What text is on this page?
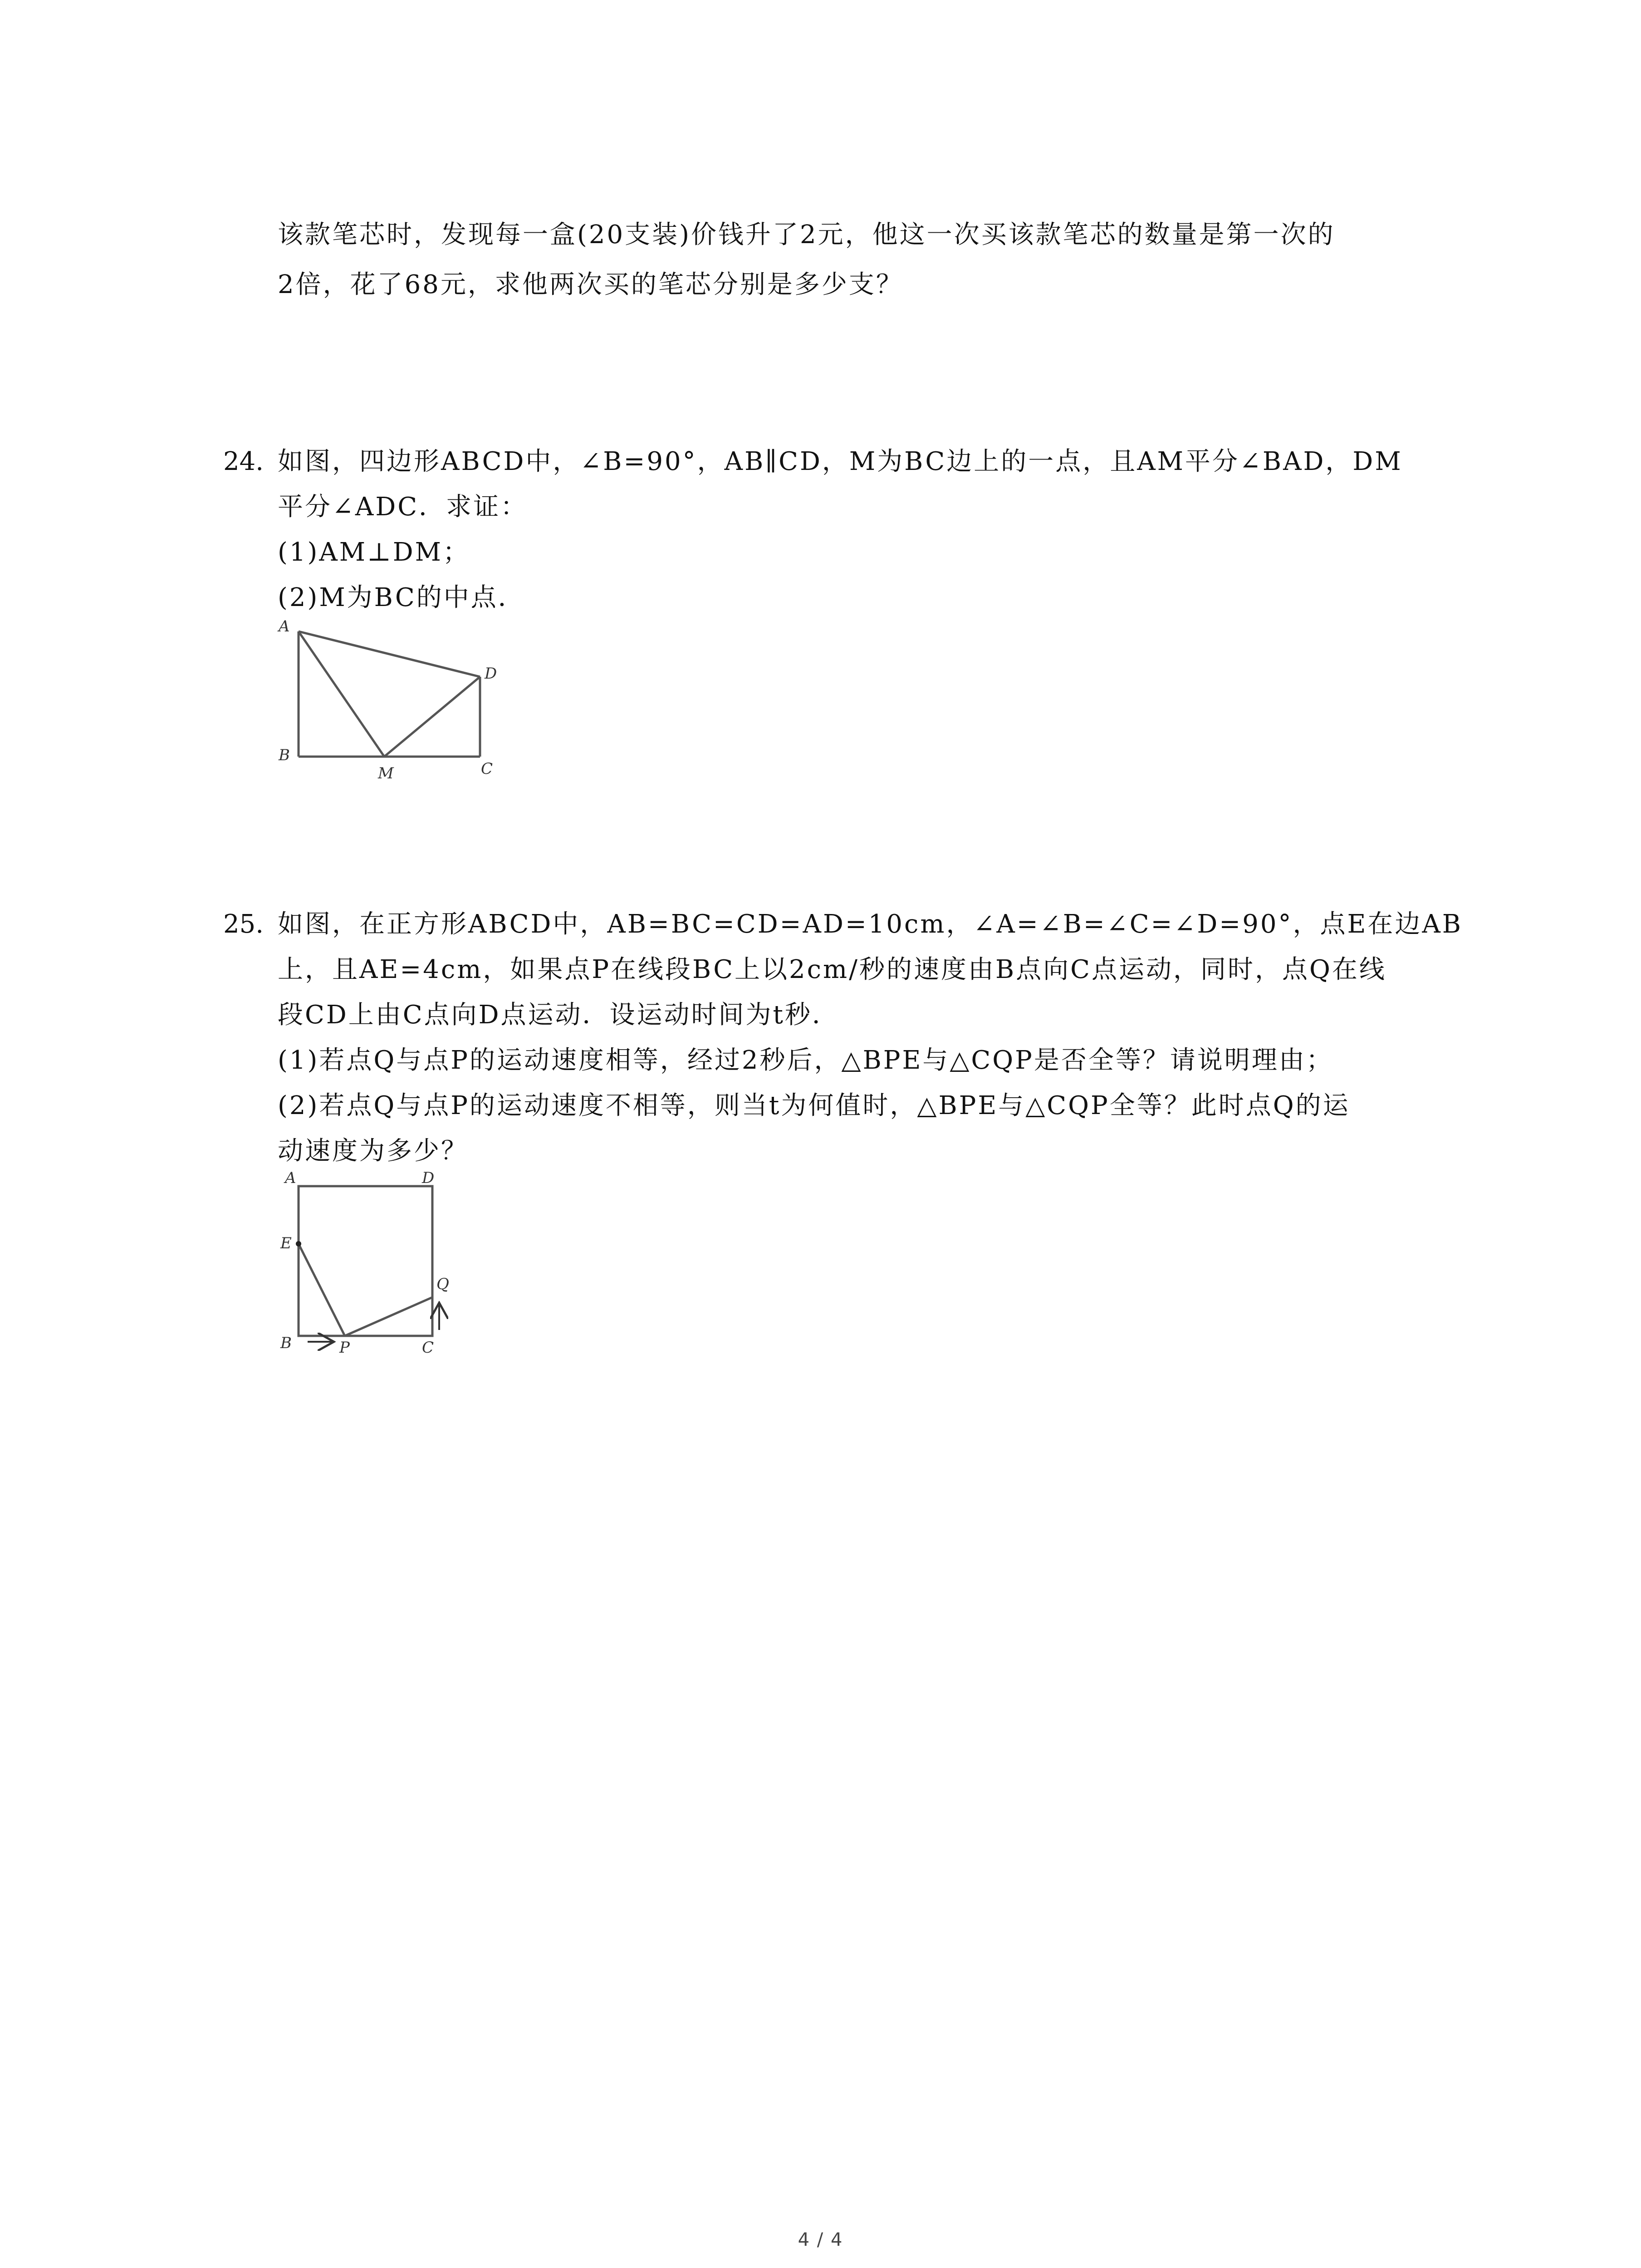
该款笔芯时，发现每一盒(20支装)价钱升了2元，他这一次买该款笔芯的数量是第一次的
2倍，花了68元，求他两次买的笔芯分别是多少支？
24. 如图，四边形ABCD中，∠B=90°，AB∥CD，M为BC边上的一点，且AM平分∠BAD，DM
平分∠ADC．求证：
(1)AM⊥DM；
(2)M为BC的中点．
A
D
B
M	C
25. 如图，在正方形ABCD中，AB=BC=CD=AD=10cm，∠A=∠B=∠C=∠D=90°，点E在边AB
上，且AE=4cm，如果点P在线段BC上以2cm/秒的速度由B点向C点运动，同时，点Q在线
段CD上由C点向D点运动．设运动时间为t秒．
(1)若点Q与点P的运动速度相等，经过2秒后，△BPE与△CQP是否全等？请说明理由；
(2)若点Q与点P的运动速度不相等，则当t为何值时，△BPE与△CQP全等？此时点Q的运
动速度为多少？
A	D
E
Q
B	P	C
4 / 4
